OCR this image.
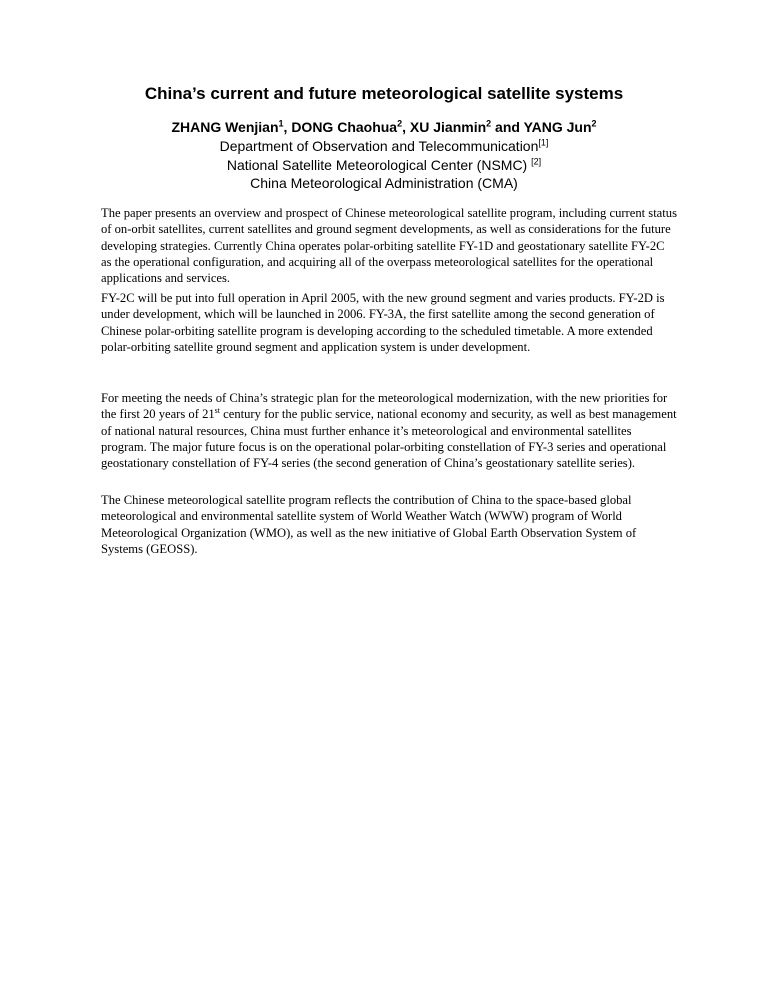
China’s current and future meteorological satellite systems
ZHANG Wenjian$^1$, DONG Chaohua$^2$, XU Jianmin$^2$ and YANG Jun$^2$
Department of Observation and Telecommunication[1]
National Satellite Meteorological Center (NSMC) [2]
China Meteorological Administration (CMA)

The paper presents an overview and prospect of Chinese meteorological satellite program, including current status of on-orbit satellites, current satellites and ground segment developments, as well as considerations for the future developing strategies. Currently China operates polar-orbiting satellite FY-1D and geostationary satellite FY-2C as the operational configuration, and acquiring all of the overpass meteorological satellites for the operational applications and services.

FY-2C will be put into full operation in April 2005, with the new ground segment and varies products. FY-2D is under development, which will be launched in 2006. FY-3A, the first satellite among the second generation of Chinese polar-orbiting satellite program is developing according to the scheduled timetable. A more extended polar-orbiting satellite ground segment and application system is under development.

For meeting the needs of China’s strategic plan for the meteorological modernization, with the new priorities for the first 20 years of 21st century for the public service, national economy and security, as well as best management of national natural resources, China must further enhance it’s meteorological and environmental satellites program. The major future focus is on the operational polar-orbiting constellation of FY-3 series and operational geostationary constellation of FY-4 series (the second generation of China’s geostationary satellite series).

The Chinese meteorological satellite program reflects the contribution of China to the space-based global meteorological and environmental satellite system of World Weather Watch (WWW) program of World Meteorological Organization (WMO), as well as the new initiative of Global Earth Observation System of Systems (GEOSS).
